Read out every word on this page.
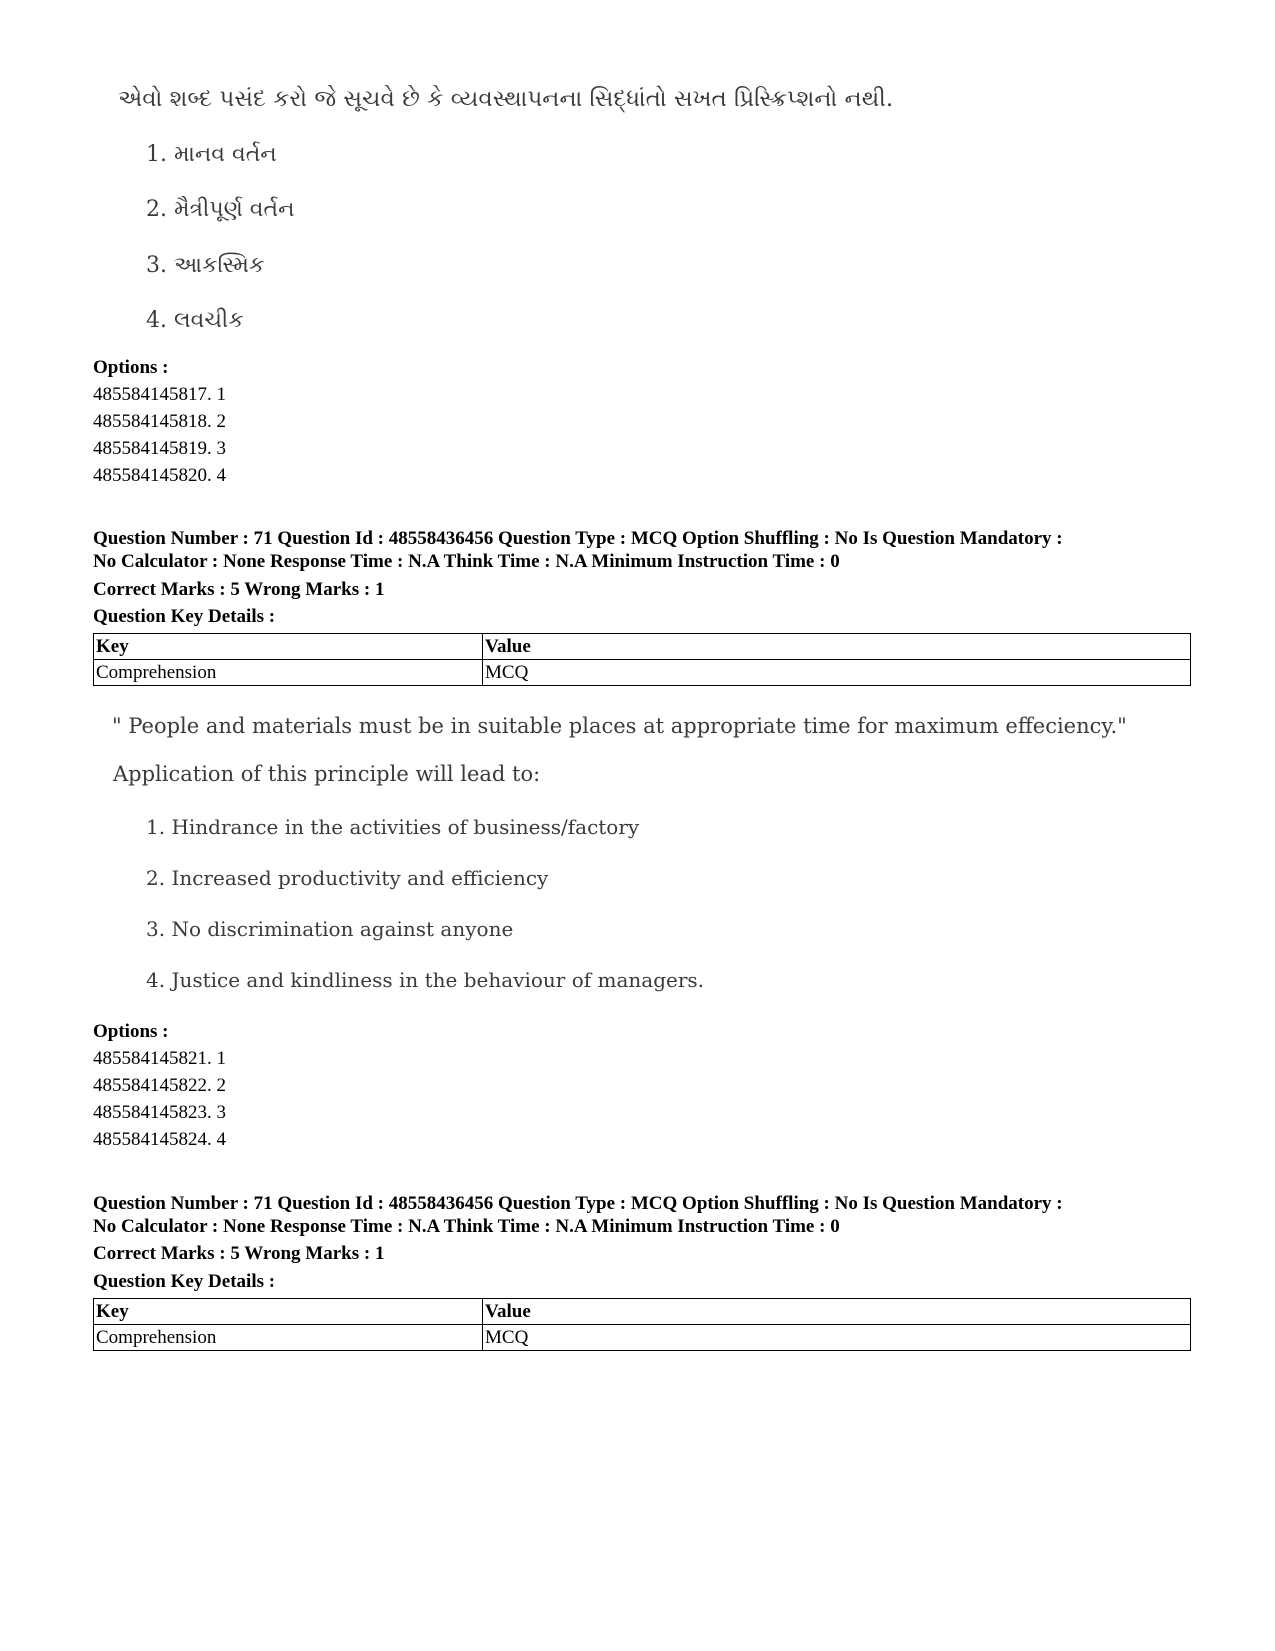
એવો શબ્દ પસંદ કરો જે સૂચવે છે કે વ્યવસ્થાપનના સિદ્ધાંતો સખત પ્રિસ્ક્રિપ્શનો નથી.
1. માનવ વર્તન
2. મૈત્રીપૂર્ણ વર્તન
3. આકસ્મિક
4. લવચીક
Options :
485584145817. 1
485584145818. 2
485584145819. 3
485584145820. 4
Question Number : 71 Question Id : 48558436456 Question Type : MCQ Option Shuffling : No Is Question Mandatory :
No Calculator : None Response Time : N.A Think Time : N.A Minimum Instruction Time : 0
Correct Marks : 5 Wrong Marks : 1
Question Key Details :
Key	Value
Comprehension	MCQ
" People and materials must be in suitable places at appropriate time for maximum effeciency."
Application of this principle will lead to:
1. Hindrance in the activities of business/factory
2. Increased productivity and efficiency
3. No discrimination against anyone
4. Justice and kindliness in the behaviour of managers.
Options :
485584145821. 1
485584145822. 2
485584145823. 3
485584145824. 4
Question Number : 71 Question Id : 48558436456 Question Type : MCQ Option Shuffling : No Is Question Mandatory :
No Calculator : None Response Time : N.A Think Time : N.A Minimum Instruction Time : 0
Correct Marks : 5 Wrong Marks : 1
Question Key Details :
Key	Value
Comprehension	MCQ
